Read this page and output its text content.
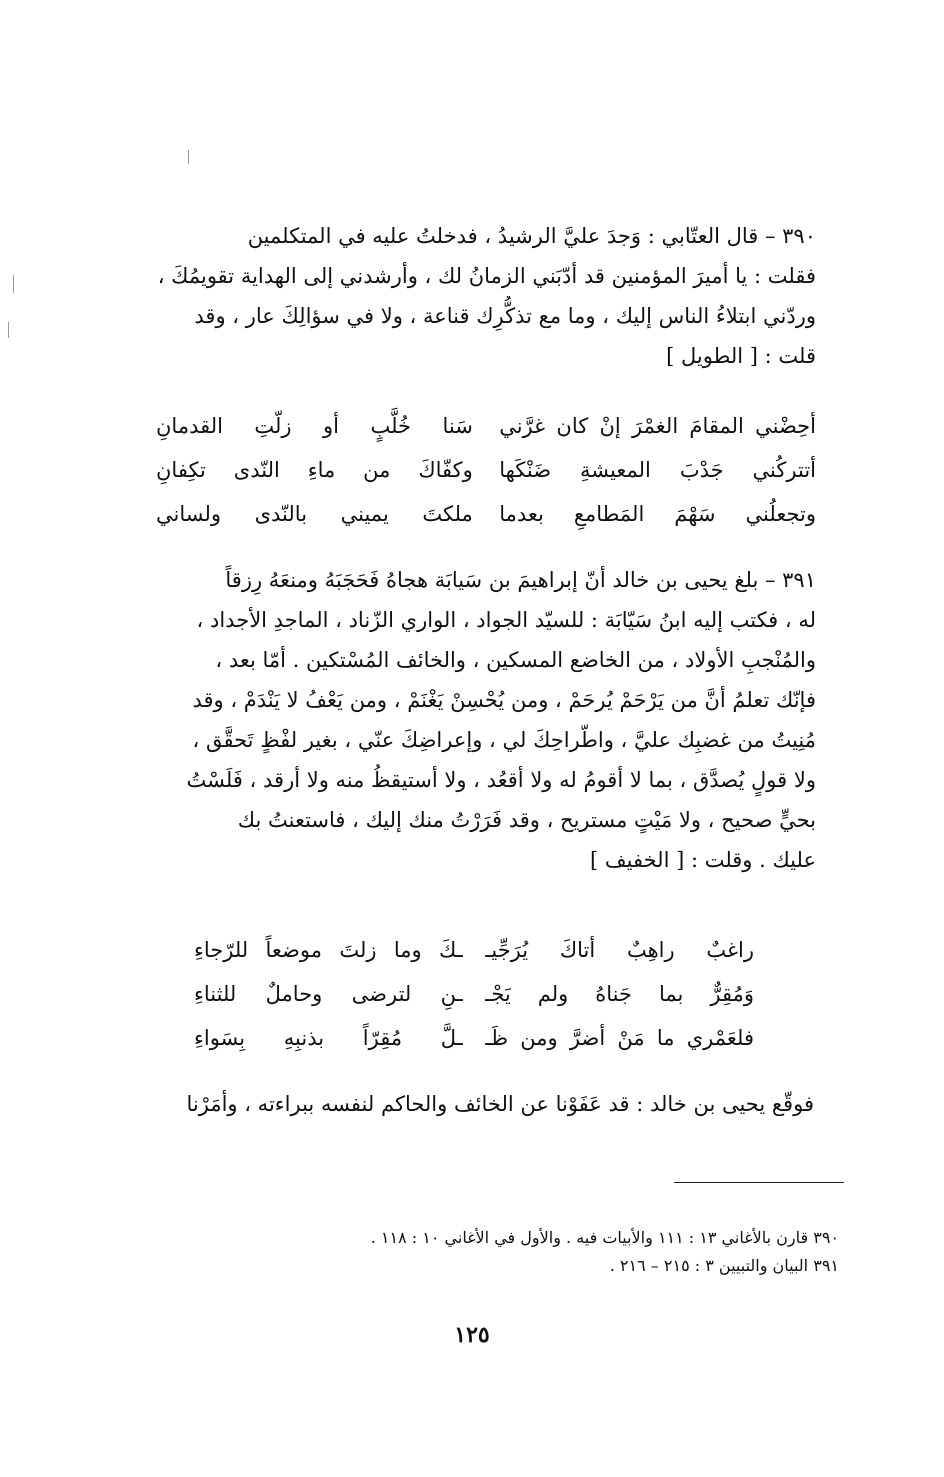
٣٩٠ – قال العتّابي : وَجدَ عليَّ الرشيدُ ، فدخلتُ عليه في المتكلمين
فقلت : يا أميرَ المؤمنين قد أدّبَني الزمانُ لك ، وأرشدني إلى الهداية تقويمُكَ ،
وردّني ابتلاءُ الناس إليك ، وما مع تذكُّرِك قناعة ، ولا في سؤالِكَ عار ، وقد
قلت : [ الطويل ]
أحِضْني المقامَ الغمْرَ إنْ كان غرَّني
سَنا خُلَّبٍ أو زلّتِ القدمانِ
أتتركُني جَدْبَ المعيشةِ ضَنْكَها
وكفّاكَ من ماءِ النّدى تكِفانِ
وتجعلُني سَهْمَ المَطامعِ بعدما
ملكتَ يميني بالنّدى ولساني
٣٩١ – بلغ يحيى بن خالد أنّ إبراهيمَ بن سَيابَة هجاهُ فَحَجَبَهُ ومنعَهُ رِزقاً
له ، فكتب إليه ابنُ سَيّابَة : للسيّد الجواد ، الواري الزّناد ، الماجدِ الأجداد ،
والمُنْجبِ الأولاد ، من الخاضع المسكين ، والخائف المُسْتكين . أمّا بعد ،
فإنّك تعلمُ أنَّ من يَرْحَمْ يُرحَمْ ، ومن يُحْسِنْ يَغْنَمْ ، ومن يَعْفُ لا يَنْدَمْ ، وقد
مُنِيتُ من غضبِك عليَّ ، واطّراحِكَ لي ، وإعراضِكَ عنّي ، بغير لفْظٍ تَحقَّق ،
ولا قولٍ يُصدَّق ، بما لا أقومُ له ولا أقعُد ، ولا أستيقظُ منه ولا أرقد ، فَلَسْتُ
بحيٍّ صحيح ، ولا مَيْتٍ مستريح ، وقد فَرَرْتُ منك إليك ، فاستعنتُ بك
عليك . وقلت : [ الخفيف ]
راغبٌ راهِبٌ أتاكَ يُرَجِّيـ
ـكَ وما زلتَ موضعاً للرّجاءِ
وَمُقِرٌّ بما جَناهُ ولم يَجْـ
ـنِ لترضى وحاملٌ للثناءِ
فلعَمْري ما مَنْ أضرَّ ومن ظَـ
ـلَّ مُقِرّاً بذنبِهِ بِسَواءِ
فوقّع يحيى بن خالد : قد عَفَوْنا عن الخائف والحاكم لنفسه ببراءته ، وأمَرْنا
٣٩٠ قارن بالأغاني ١٣ : ١١١ والأبيات فيه . والأول في الأغاني ١٠ : ١١٨ .
٣٩١ البيان والتبيين ٣ : ٢١٥ – ٢١٦ .
١٢٥
